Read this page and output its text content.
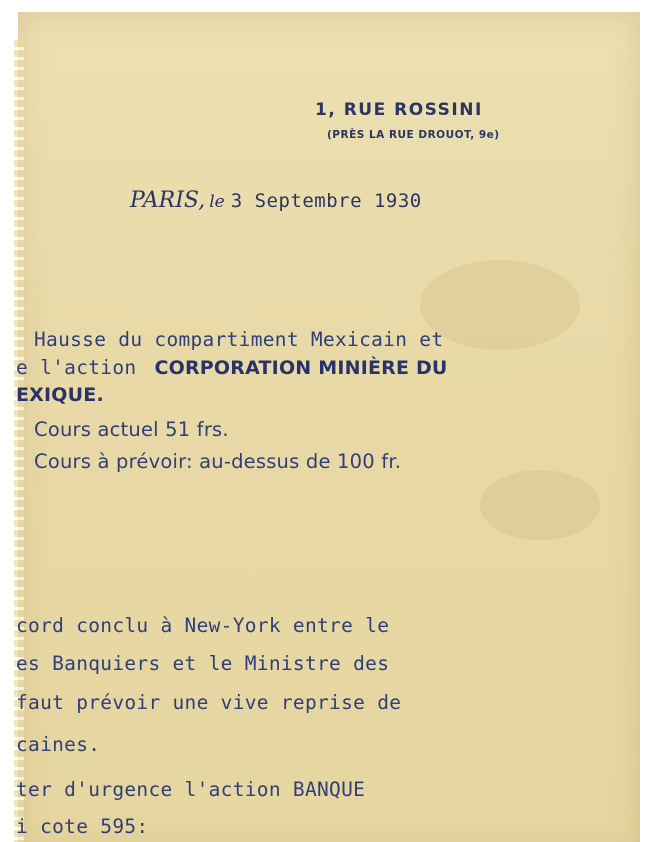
1, RUE ROSSINI
(PRÈS LA RUE DROUOT, 9e)
PARIS, le 3 Septembre 1930
Hausse du compartiment Mexicain et
e l'action CORPORATION MINIÈRE DU
EXIQUE.
Cours actuel 51 frs.
Cours à prévoir: au-dessus de 100 fr.
cord conclu à New-York entre le
es Banquiers et le Ministre des
faut prévoir une vive reprise de
caines.
ter d'urgence l'action BANQUE
i cote 595:
